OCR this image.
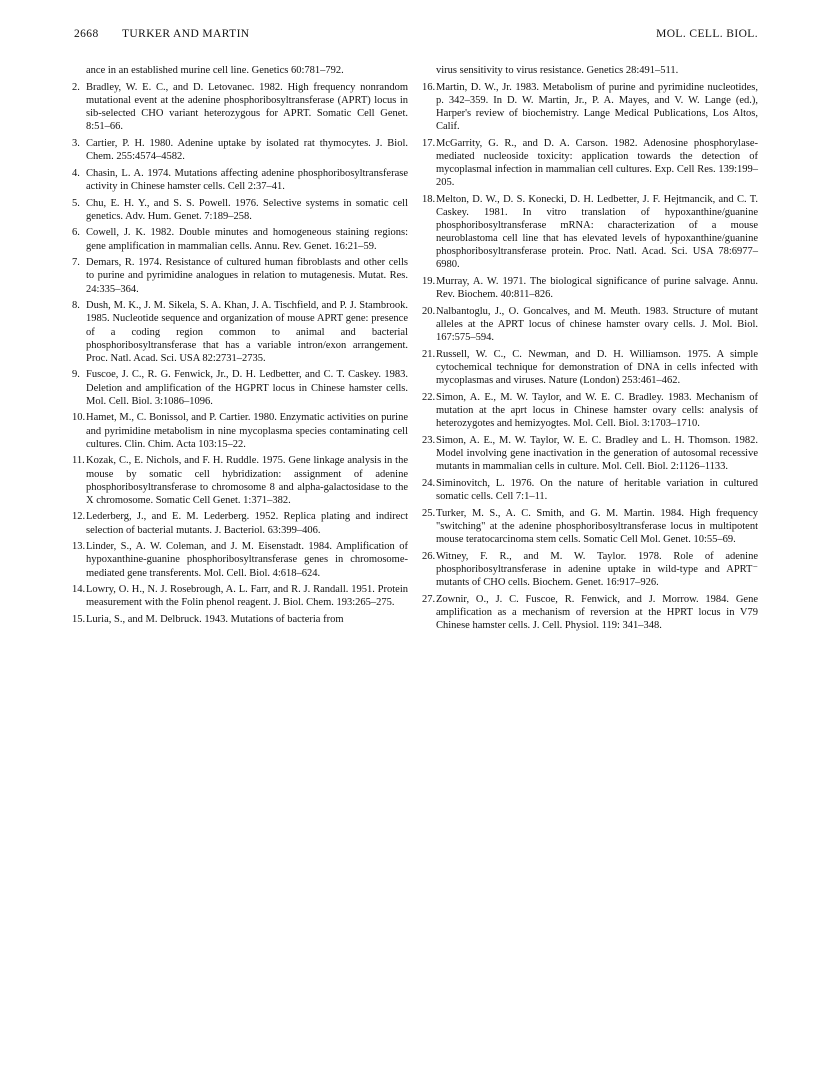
2668 TURKER AND MARTIN	MOL. CELL. BIOL.

ance in an established murine cell line. Genetics 60:781–792.

2. Bradley, W. E. C., and D. Letovanec. 1982. High frequency nonrandom mutational event at the adenine phosphoribosyltransferase (APRT) locus in sib-selected CHO variant heterozygous for APRT. Somatic Cell Genet. 8:51–66.

3. Cartier, P. H. 1980. Adenine uptake by isolated rat thymocytes. J. Biol. Chem. 255:4574–4582.

4. Chasin, L. A. 1974. Mutations affecting adenine phosphoribosyltransferase activity in Chinese hamster cells. Cell 2:37–41.

5. Chu, E. H. Y., and S. S. Powell. 1976. Selective systems in somatic cell genetics. Adv. Hum. Genet. 7:189–258.

6. Cowell, J. K. 1982. Double minutes and homogeneous staining regions: gene amplification in mammalian cells. Annu. Rev. Genet. 16:21–59.

7. Demars, R. 1974. Resistance of cultured human fibroblasts and other cells to purine and pyrimidine analogues in relation to mutagenesis. Mutat. Res. 24:335–364.

8. Dush, M. K., J. M. Sikela, S. A. Khan, J. A. Tischfield, and P. J. Stambrook. 1985. Nucleotide sequence and organization of mouse APRT gene: presence of a coding region common to animal and bacterial phosphoribosyltransferase that has a variable intron/exon arrangement. Proc. Natl. Acad. Sci. USA 82:2731–2735.

9. Fuscoe, J. C., R. G. Fenwick, Jr., D. H. Ledbetter, and C. T. Caskey. 1983. Deletion and amplification of the HGPRT locus in Chinese hamster cells. Mol. Cell. Biol. 3:1086–1096.

10.Hamet, M., C. Bonissol, and P. Cartier. 1980. Enzymatic activities on purine and pyrimidine metabolism in nine mycoplasma species contaminating cell cultures. Clin. Chim. Acta 103:15–22.

11.Kozak, C., E. Nichols, and F. H. Ruddle. 1975. Gene linkage analysis in the mouse by somatic cell hybridization: assignment of adenine phosphoribosyltransferase to chromosome 8 and alpha-galactosidase to the X chromosome. Somatic Cell Genet. 1:371–382.

12.Lederberg, J., and E. M. Lederberg. 1952. Replica plating and indirect selection of bacterial mutants. J. Bacteriol. 63:399–406.

13.Linder, S., A. W. Coleman, and J. M. Eisenstadt. 1984. Amplification of hypoxanthine-guanine phosphoribosyltransferase genes in chromosome-mediated gene transferents. Mol. Cell. Biol. 4:618–624.

14.Lowry, O. H., N. J. Rosebrough, A. L. Farr, and R. J. Randall. 1951. Protein measurement with the Folin phenol reagent. J. Biol. Chem. 193:265–275.

15.Luria, S., and M. Delbruck. 1943. Mutations of bacteria from

virus sensitivity to virus resistance. Genetics 28:491–511.

16.Martin, D. W., Jr. 1983. Metabolism of purine and pyrimidine nucleotides, p. 342–359. In D. W. Martin, Jr., P. A. Mayes, and V. W. Lange (ed.), Harper's review of biochemistry. Lange Medical Publications, Los Altos, Calif.

17.McGarrity, G. R., and D. A. Carson. 1982. Adenosine phosphorylase-mediated nucleoside toxicity: application towards the detection of mycoplasmal infection in mammalian cell cultures. Exp. Cell Res. 139:199–205.

18.Melton, D. W., D. S. Konecki, D. H. Ledbetter, J. F. Hejtmancik, and C. T. Caskey. 1981. In vitro translation of hypoxanthine/guanine phosphoribosyltransferase mRNA: characterization of a mouse neuroblastoma cell line that has elevated levels of hypoxanthine/guanine phosphoribosyltransferase protein. Proc. Natl. Acad. Sci. USA 78:6977–6980.

19.Murray, A. W. 1971. The biological significance of purine salvage. Annu. Rev. Biochem. 40:811–826.

20.Nalbantoglu, J., O. Goncalves, and M. Meuth. 1983. Structure of mutant alleles at the APRT locus of chinese hamster ovary cells. J. Mol. Biol. 167:575–594.

21.Russell, W. C., C. Newman, and D. H. Williamson. 1975. A simple cytochemical technique for demonstration of DNA in cells infected with mycoplasmas and viruses. Nature (London) 253:461–462.

22.Simon, A. E., M. W. Taylor, and W. E. C. Bradley. 1983. Mechanism of mutation at the aprt locus in Chinese hamster ovary cells: analysis of heterozygotes and hemizyogtes. Mol. Cell. Biol. 3:1703–1710.

23.Simon, A. E., M. W. Taylor, W. E. C. Bradley and L. H. Thomson. 1982. Model involving gene inactivation in the generation of autosomal recessive mutants in mammalian cells in culture. Mol. Cell. Biol. 2:1126–1133.

24.Siminovitch, L. 1976. On the nature of heritable variation in cultured somatic cells. Cell 7:1–11.

25.Turker, M. S., A. C. Smith, and G. M. Martin. 1984. High frequency "switching" at the adenine phosphoribosyltransferase locus in multipotent mouse teratocarcinoma stem cells. Somatic Cell Mol. Genet. 10:55–69.

26.Witney, F. R., and M. W. Taylor. 1978. Role of adenine phosphoribosyltransferase in adenine uptake in wild-type and APRT⁻ mutants of CHO cells. Biochem. Genet. 16:917–926.

27.Zownir, O., J. C. Fuscoe, R. Fenwick, and J. Morrow. 1984. Gene amplification as a mechanism of reversion at the HPRT locus in V79 Chinese hamster cells. J. Cell. Physiol. 119: 341–348.
